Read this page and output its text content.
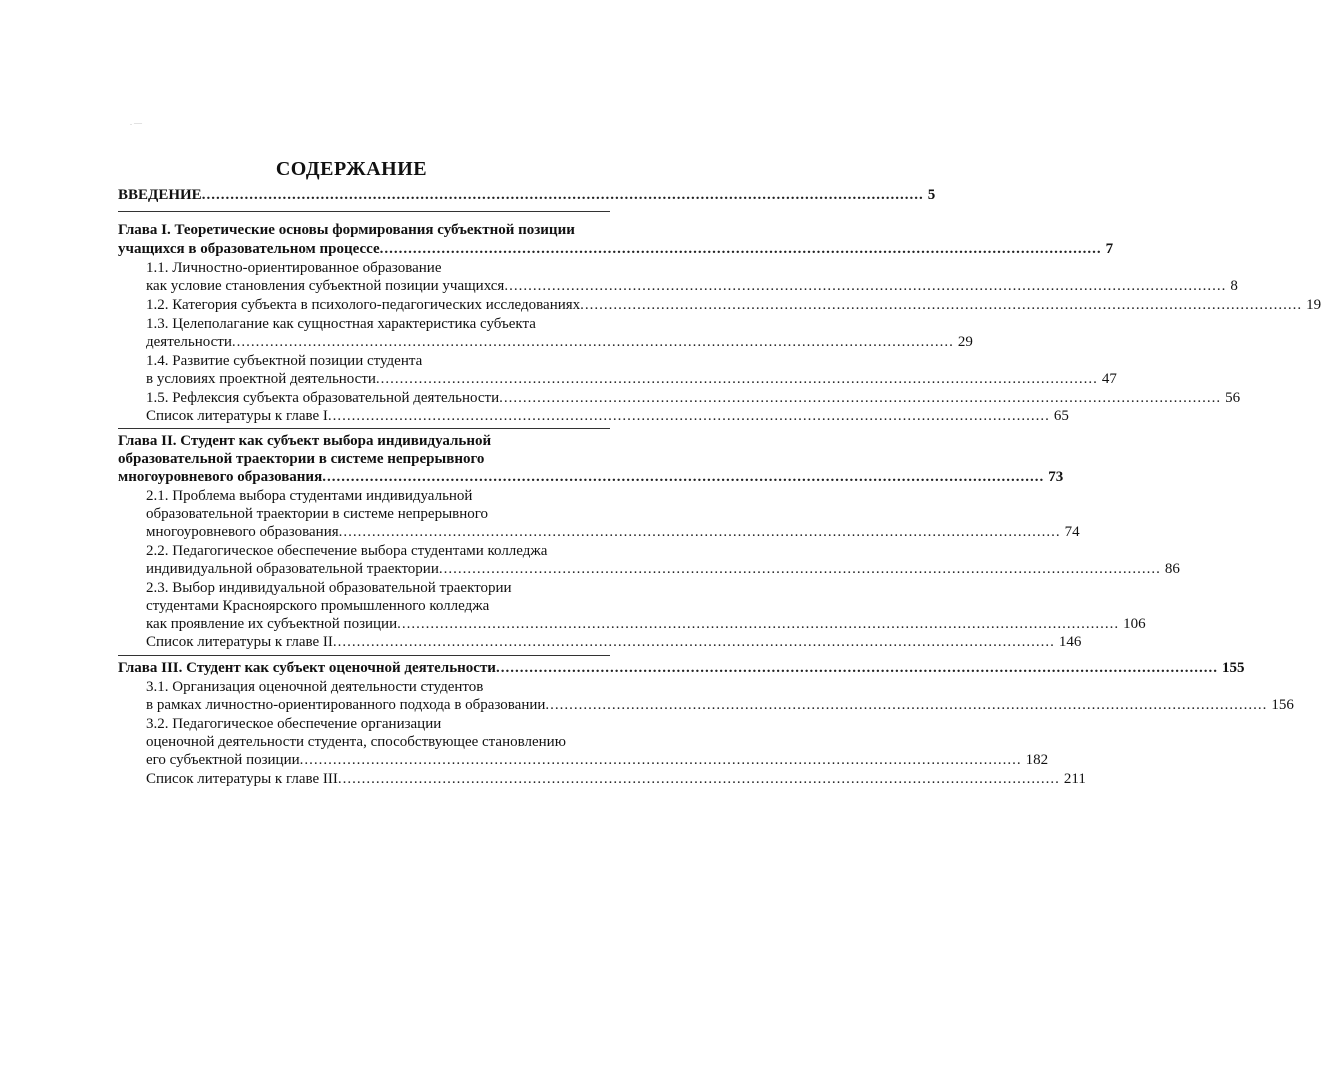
. —
СОДЕРЖАНИЕ
ВВЕДЕНИЕ ........................................................................................................................................................ 5
Глава I. Теоретические основы формирования субъектной позиции
учащихся в образовательном процессе ........................................................................................................................................................ 7
1.1. Личностно-ориентированное образование
как условие становления субъектной позиции учащихся ........................................................................................................................................................ 8
1.2. Категория субъекта в психолого-педагогических исследованиях ........................................................................................................................................................ 19
1.3. Целеполагание как сущностная характеристика субъекта
деятельности ........................................................................................................................................................ 29
1.4. Развитие субъектной позиции студента
в условиях проектной деятельности ........................................................................................................................................................ 47
1.5. Рефлексия субъекта образовательной деятельности ........................................................................................................................................................ 56
Список литературы к главе I ........................................................................................................................................................ 65
Глава II. Студент как субъект выбора индивидуальной
образовательной траектории в системе непрерывного
многоуровневого образования ........................................................................................................................................................ 73
2.1. Проблема выбора студентами индивидуальной
образовательной траектории в системе непрерывного
многоуровневого образования ........................................................................................................................................................ 74
2.2. Педагогическое обеспечение выбора студентами колледжа
индивидуальной образовательной траектории ........................................................................................................................................................ 86
2.3. Выбор индивидуальной образовательной траектории
студентами Красноярского промышленного колледжа
как проявление их субъектной позиции ........................................................................................................................................................ 106
Список литературы к главе II ........................................................................................................................................................ 146
Глава III. Студент как субъект оценочной деятельности ........................................................................................................................................................ 155
3.1. Организация оценочной деятельности студентов
в рамках личностно-ориентированного подхода в образовании ........................................................................................................................................................ 156
3.2. Педагогическое обеспечение организации
оценочной деятельности студента, способствующее становлению
его субъектной позиции ........................................................................................................................................................ 182
Список литературы к главе III ........................................................................................................................................................ 211
